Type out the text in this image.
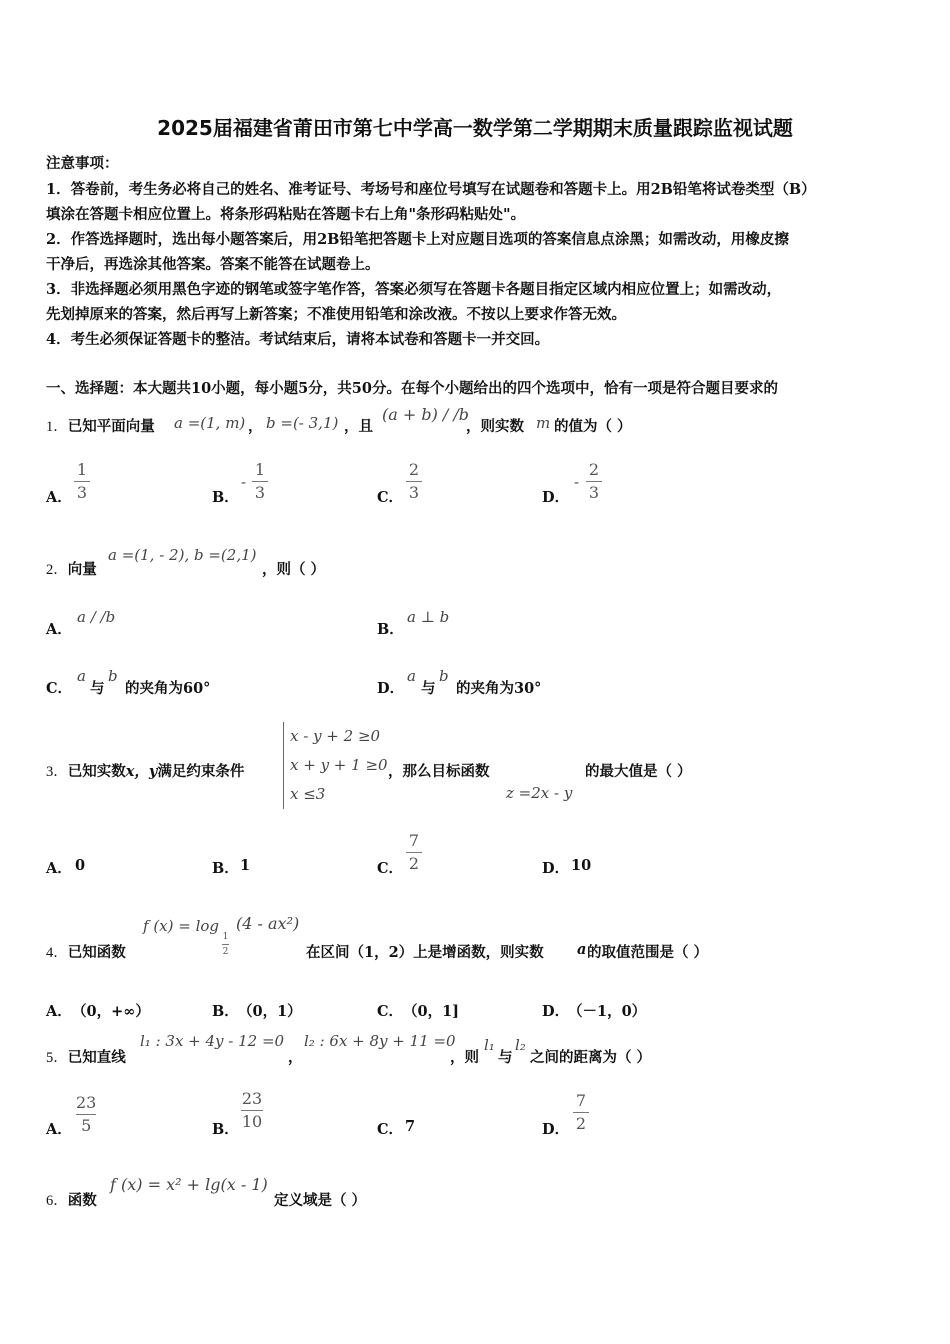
2025届福建省莆田市第七中学高一数学第二学期期末质量跟踪监视试题
注意事项：
1．答卷前，考生务必将自己的姓名、准考证号、考场号和座位号填写在试题卷和答题卡上。用2B铅笔将试卷类型（B）
填涂在答题卡相应位置上。将条形码粘贴在答题卡右上角"条形码粘贴处"。
2．作答选择题时，选出每小题答案后，用2B铅笔把答题卡上对应题目选项的答案信息点涂黑；如需改动，用橡皮擦
干净后，再选涂其他答案。答案不能答在试题卷上。
3．非选择题必须用黑色字迹的钢笔或签字笔作答，答案必须写在答题卡各题目指定区域内相应位置上；如需改动，
先划掉原来的答案，然后再写上新答案；不准使用铅笔和涂改液。不按以上要求作答无效。
4．考生必须保证答题卡的整洁。考试结束后，请将本试卷和答题卡一并交回。
一、选择题：本大题共10小题，每小题5分，共50分。在每个小题给出的四个选项中，恰有一项是符合题目要求的
1．已知平面向量 a =(1, m) ， b =(- 3,1) ，且
(a + b) / /b
，则实数 m 的值为（ ）
A．
1
3	B．
-
1
3	C．
2
3	D．
-
2
3
2．向量
a =(1, - 2), b =(2,1)
，则（ ）
A．
a / /b
B．
a ⊥ b
C．
a
与
b
的夹角为60°	D．
a
与
b
的夹角为30°
3．已知实数x，y满足约束条件
x - y + 2 ≥0
x + y + 1 ≥0
x ≤3
，那么目标函数	的最大值是（ ）
z =2x - y
A． 0	B． 1	C．
7
2	D． 10
4．已知函数
f (x) = log
1
2
(4 - ax²)
在区间（1，2）上是增函数，则实数 a 的取值范围是（ ）
A． （0，+∞）	B． （0，1）	C． （0，1]	D．
（－1，0）
5．已知直线
l₁ : 3x + 4y - 12 =0
，
l₂ : 6x + 8y + 11 =0
，则
l₁
与
l₂
之间的距离为（ ）
A．
23
5	B．
23
10	C． 7	D．
7
2
6．函数
f (x) = x² + lg(x - 1)
定义域是（ ）
